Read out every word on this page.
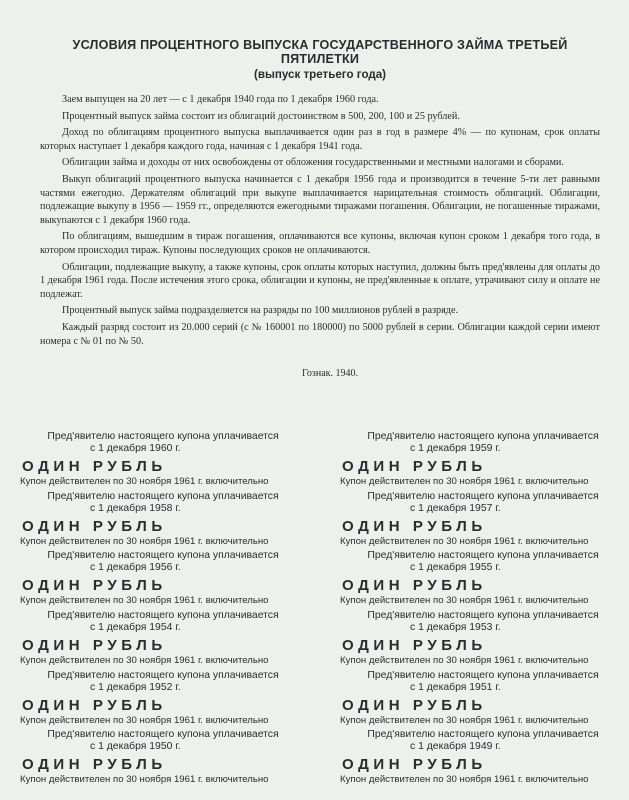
УСЛОВИЯ ПРОЦЕНТНОГО ВЫПУСКА ГОСУДАРСТВЕННОГО ЗАЙМА ТРЕТЬЕЙ ПЯТИЛЕТКИ

(выпуск третьего года)

Заем выпущен на 20 лет — с 1 декабря 1940 года по 1 декабря 1960 года.

Процентный выпуск займа состоит из облигаций достоинством в 500, 200, 100 и 25 рублей.

Доход по облигациям процентного выпуска выплачивается один раз в год в размере 4% — по купонам, срок оплаты которых наступает 1 декабря каждого года, начиная с 1 декабря 1941 года.

Облигации займа и доходы от них освобождены от обложения государственными и местными налогами и сборами.

Выкуп облигаций процентного выпуска начинается с 1 декабря 1956 года и производится в течение 5-ти лет равными частями ежегодно. Держателям облигаций при выкупе выплачивается нарицательная стоимость облигаций. Облигации, подлежащие выкупу в 1956 — 1959 гг., определяются ежегодными тиражами погашения. Облигации, не погашенные тиражами, выкупаются с 1 декабря 1960 года.

По облигациям, вышедшим в тираж погашения, оплачиваются все купоны, включая купон сроком 1 декабря того года, в котором происходил тираж. Купоны последующих сроков не оплачиваются.

Облигации, подлежащие выкупу, а также купоны, срок оплаты которых наступил, должны быть пред'явлены для оплаты до 1 декабря 1961 года. После истечения этого срока, облигации и купоны, не пред'явленные к оплате, утрачивают силу и оплате не подлежат.

Процентный выпуск займа подразделяется на разряды по 100 миллионов рублей в разряде.

Каждый разряд состоит из 20.000 серий (с № 160001 по 180000) по 5000 рублей в серии. Облигации каждой серии имеют номера с № 01 по № 50.

Гознак. 1940.
Пред'явителю настоящего купона уплачивается
с 1 декабря 1960 г.
ОДИН РУБЛЬ
Купон действителен по 30 ноября 1961 г. включительно
Пред'явителю настоящего купона уплачивается
с 1 декабря 1959 г.
ОДИН РУБЛЬ
Купон действителен по 30 ноября 1961 г. включительно
Пред'явителю настоящего купона уплачивается
с 1 декабря 1958 г.
ОДИН РУБЛЬ
Купон действителен по 30 ноября 1961 г. включительно
Пред'явителю настоящего купона уплачивается
с 1 декабря 1957 г.
ОДИН РУБЛЬ
Купон действителен по 30 ноября 1961 г. включительно
Пред'явителю настоящего купона уплачивается
с 1 декабря 1956 г.
ОДИН РУБЛЬ
Купон действителен по 30 ноября 1961 г. включительно
Пред'явителю настоящего купона уплачивается
с 1 декабря 1955 г.
ОДИН РУБЛЬ
Купон действителен по 30 ноября 1961 г. включительно
Пред'явителю настоящего купона уплачивается
с 1 декабря 1954 г.
ОДИН РУБЛЬ
Купон действителен по 30 ноября 1961 г. включительно
Пред'явителю настоящего купона уплачивается
с 1 декабря 1953 г.
ОДИН РУБЛЬ
Купон действителен по 30 ноября 1961 г. включительно
Пред'явителю настоящего купона уплачивается
с 1 декабря 1952 г.
ОДИН РУБЛЬ
Купон действителен по 30 ноября 1961 г. включительно
Пред'явителю настоящего купона уплачивается
с 1 декабря 1951 г.
ОДИН РУБЛЬ
Купон действителен по 30 ноября 1961 г. включительно
Пред'явителю настоящего купона уплачивается
с 1 декабря 1950 г.
ОДИН РУБЛЬ
Купон действителен по 30 ноября 1961 г. включительно
Пред'явителю настоящего купона уплачивается
с 1 декабря 1949 г.
ОДИН РУБЛЬ
Купон действителен по 30 ноября 1961 г. включительно
